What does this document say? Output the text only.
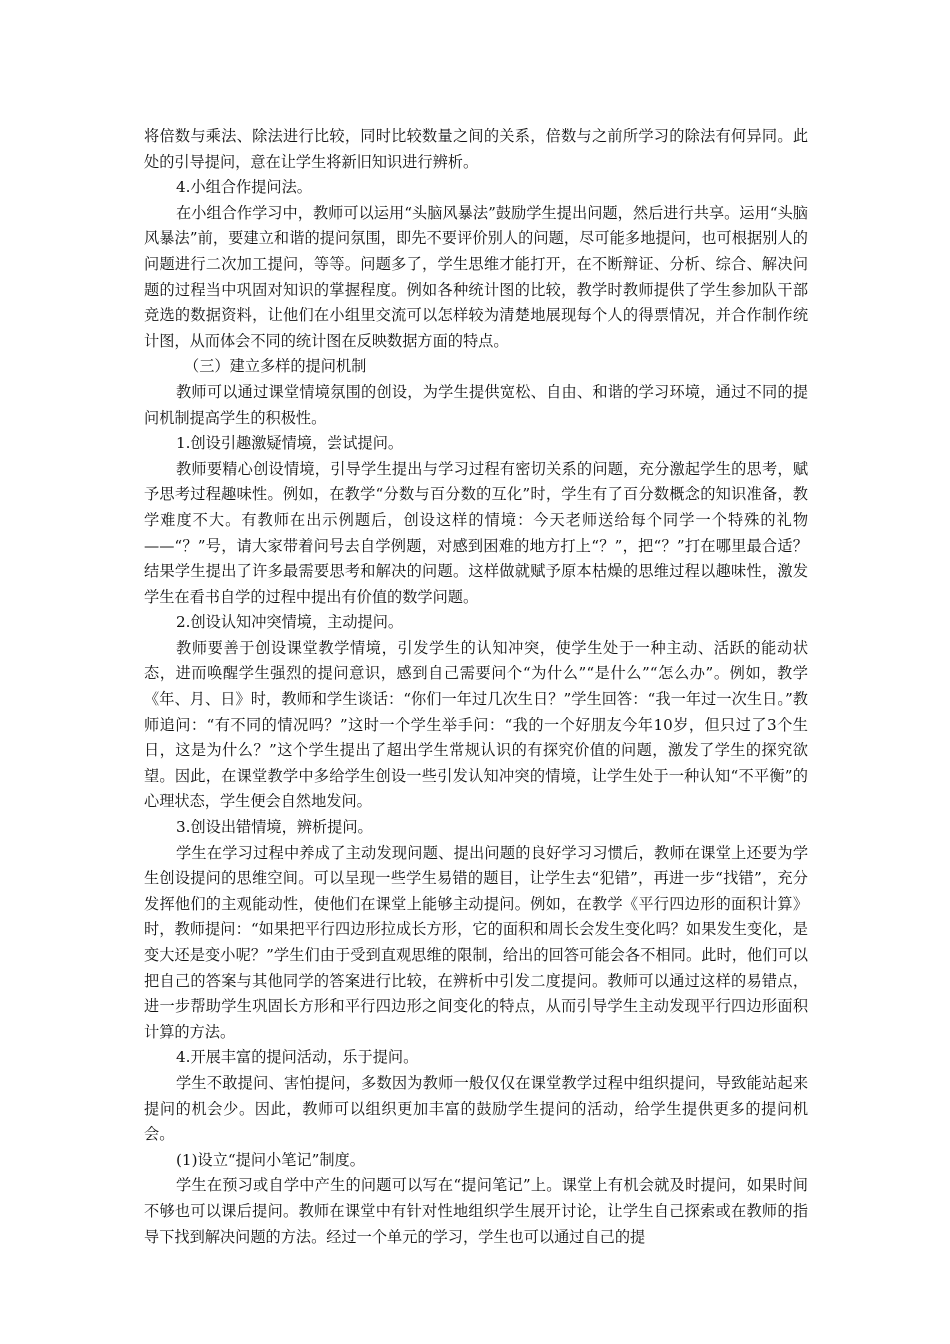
将倍数与乘法、除法进行比较，同时比较数量之间的关系，倍数与之前所学习的除法有何异同。此处的引导提问，意在让学生将新旧知识进行辨析。

4.小组合作提问法。

在小组合作学习中，教师可以运用“头脑风暴法”鼓励学生提出问题，然后进行共享。运用“头脑风暴法”前，要建立和谐的提问氛围，即先不要评价别人的问题，尽可能多地提问，也可根据别人的问题进行二次加工提问，等等。问题多了，学生思维才能打开，在不断辩证、分析、综合、解决问题的过程当中巩固对知识的掌握程度。例如各种统计图的比较，教学时教师提供了学生参加队干部竞选的数据资料，让他们在小组里交流可以怎样较为清楚地展现每个人的得票情况，并合作制作统计图，从而体会不同的统计图在反映数据方面的特点。

（三）建立多样的提问机制

教师可以通过课堂情境氛围的创设，为学生提供宽松、自由、和谐的学习环境，通过不同的提问机制提高学生的积极性。

1.创设引趣激疑情境，尝试提问。

教师要精心创设情境，引导学生提出与学习过程有密切关系的问题，充分激起学生的思考，赋予思考过程趣味性。例如，在教学“分数与百分数的互化”时，学生有了百分数概念的知识准备，教学难度不大。有教师在出示例题后，创设这样的情境：今天老师送给每个同学一个特殊的礼物——“？”号，请大家带着问号去自学例题，对感到困难的地方打上“？”，把“？”打在哪里最合适？结果学生提出了许多最需要思考和解决的问题。这样做就赋予原本枯燥的思维过程以趣味性，激发学生在看书自学的过程中提出有价值的数学问题。

2.创设认知冲突情境，主动提问。

教师要善于创设课堂教学情境，引发学生的认知冲突，使学生处于一种主动、活跃的能动状态，进而唤醒学生强烈的提问意识，感到自己需要问个“为什么”“是什么”“怎么办”。例如，教学《年、月、日》时，教师和学生谈话：“你们一年过几次生日？”学生回答：“我一年过一次生日。”教师追问：“有不同的情况吗？”这时一个学生举手问：“我的一个好朋友今年10岁，但只过了3个生日，这是为什么？”这个学生提出了超出学生常规认识的有探究价值的问题，激发了学生的探究欲望。因此，在课堂教学中多给学生创设一些引发认知冲突的情境，让学生处于一种认知“不平衡”的心理状态，学生便会自然地发问。

3.创设出错情境，辨析提问。

学生在学习过程中养成了主动发现问题、提出问题的良好学习习惯后，教师在课堂上还要为学生创设提问的思维空间。可以呈现一些学生易错的题目，让学生去“犯错”，再进一步“找错”，充分发挥他们的主观能动性，使他们在课堂上能够主动提问。例如，在教学《平行四边形的面积计算》时，教师提问：“如果把平行四边形拉成长方形，它的面积和周长会发生变化吗？如果发生变化，是变大还是变小呢？”学生们由于受到直观思维的限制，给出的回答可能会各不相同。此时，他们可以把自己的答案与其他同学的答案进行比较，在辨析中引发二度提问。教师可以通过这样的易错点，进一步帮助学生巩固长方形和平行四边形之间变化的特点，从而引导学生主动发现平行四边形面积计算的方法。

4.开展丰富的提问活动，乐于提问。

学生不敢提问、害怕提问，多数因为教师一般仅仅在课堂教学过程中组织提问，导致能站起来提问的机会少。因此，教师可以组织更加丰富的鼓励学生提问的活动，给学生提供更多的提问机会。

(1)设立“提问小笔记”制度。

学生在预习或自学中产生的问题可以写在“提问笔记”上。课堂上有机会就及时提问，如果时间不够也可以课后提问。教师在课堂中有针对性地组织学生展开讨论，让学生自己探索或在教师的指导下找到解决问题的方法。经过一个单元的学习，学生也可以通过自己的提
